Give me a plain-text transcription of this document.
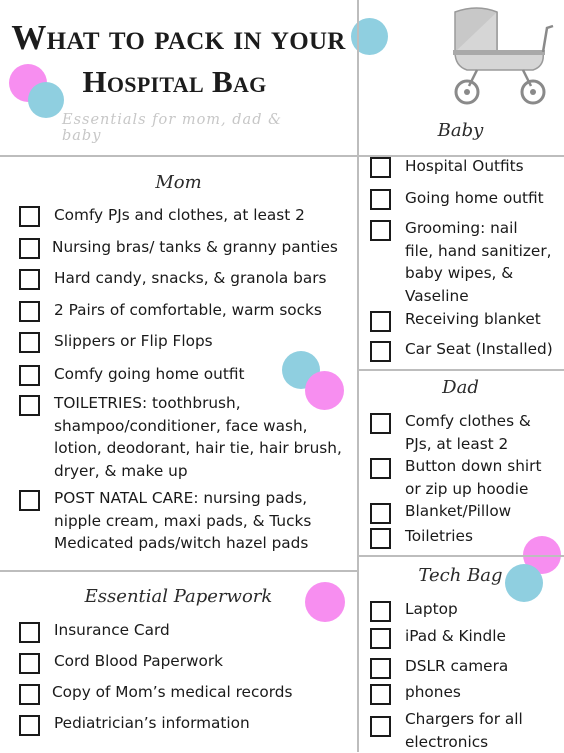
What to pack in your
Hospital Bag

Essentials for mom, dad & baby

Mom

Comfy PJs and clothes, at least 2
Nursing bras/ tanks & granny panties
Hard candy, snacks, & granola bars
2 Pairs of comfortable, warm socks
Slippers or Flip Flops
Comfy going home outfit
TOILETRIES: toothbrush,
shampoo/conditioner, face wash,
lotion, deodorant, hair tie, hair brush,
dryer, & make up
POST NATAL CARE: nursing pads,
nipple cream, maxi pads, & Tucks
Medicated pads/witch hazel pads

Essential Paperwork

Insurance Card
Cord Blood Paperwork
Copy of Mom’s medical records
Pediatrician’s information

Baby

Hospital Outfits
Going home outfit
Grooming: nail
file, hand sanitizer,
baby wipes, &
Vaseline
Receiving blanket
Car Seat (Installed)

Dad

Comfy clothes &
PJs, at least 2
Button down shirt
or zip up hoodie
Blanket/Pillow
Toiletries

Tech Bag

Laptop
iPad & Kindle
DSLR camera
phones
Chargers for all
electronics
